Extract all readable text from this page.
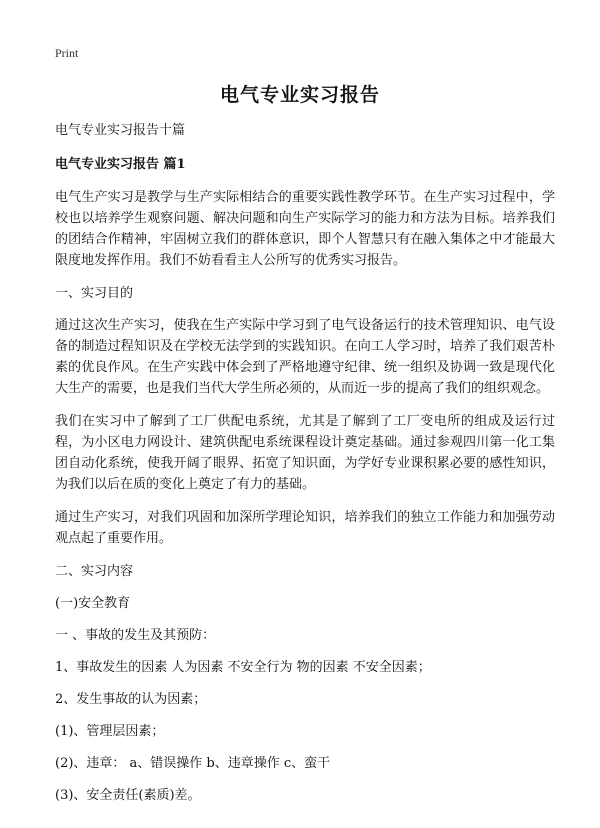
Print
电气专业实习报告
电气专业实习报告十篇
电气专业实习报告 篇1

电气生产实习是教学与生产实际相结合的重要实践性教学环节。在生产实习过程中，学校也以培养学生观察问题、解决问题和向生产实际学习的能力和方法为目标。培养我们的团结合作精神，牢固树立我们的群体意识，即个人智慧只有在融入集体之中才能最大限度地发挥作用。我们不妨看看主人公所写的优秀实习报告。

一、实习目的

通过这次生产实习，使我在生产实际中学习到了电气设备运行的技术管理知识、电气设备的制造过程知识及在学校无法学到的实践知识。在向工人学习时，培养了我们艰苦朴素的优良作风。在生产实践中体会到了严格地遵守纪律、统一组织及协调一致是现代化大生产的需要，也是我们当代大学生所必须的，从而近一步的提高了我们的组织观念。

我们在实习中了解到了工厂供配电系统，尤其是了解到了工厂变电所的组成及运行过程，为小区电力网设计、建筑供配电系统课程设计奠定基础。通过参观四川第一化工集团自动化系统，使我开阔了眼界、拓宽了知识面，为学好专业课积累必要的感性知识，为我们以后在质的变化上奠定了有力的基础。

通过生产实习，对我们巩固和加深所学理论知识，培养我们的独立工作能力和加强劳动观点起了重要作用。

二、实习内容
(一)安全教育
一 、事故的发生及其预防：
1、事故发生的因素 人为因素 不安全行为 物的因素 不安全因素；
2、发生事故的认为因素；
(1)、管理层因素；
(2)、违章： a、错误操作 b、违章操作 c、蛮干
(3)、安全责任(素质)差。
